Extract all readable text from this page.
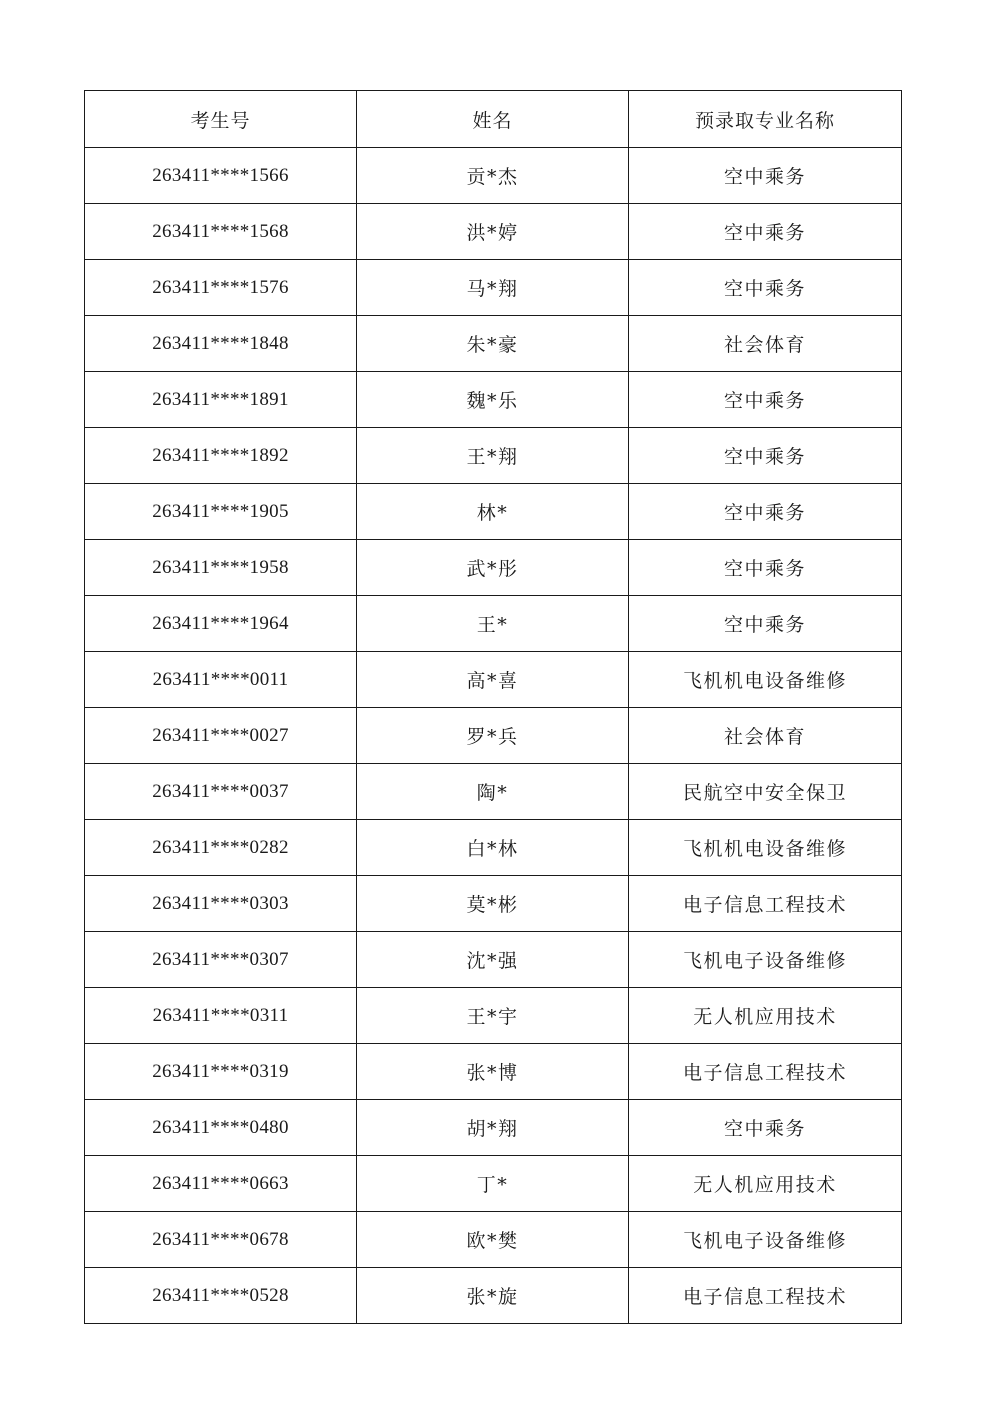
考生号	姓名	预录取专业名称
263411****1566	贡*杰	空中乘务
263411****1568	洪*婷	空中乘务
263411****1576	马*翔	空中乘务
263411****1848	朱*豪	社会体育
263411****1891	魏*乐	空中乘务
263411****1892	王*翔	空中乘务
263411****1905	林*	空中乘务
263411****1958	武*彤	空中乘务
263411****1964	王*	空中乘务
263411****0011	高*喜	飞机机电设备维修
263411****0027	罗*兵	社会体育
263411****0037	陶*	民航空中安全保卫
263411****0282	白*林	飞机机电设备维修
263411****0303	莫*彬	电子信息工程技术
263411****0307	沈*强	飞机电子设备维修
263411****0311	王*宇	无人机应用技术
263411****0319	张*博	电子信息工程技术
263411****0480	胡*翔	空中乘务
263411****0663	丁*	无人机应用技术
263411****0678	欧*樊	飞机电子设备维修
263411****0528	张*旋	电子信息工程技术
